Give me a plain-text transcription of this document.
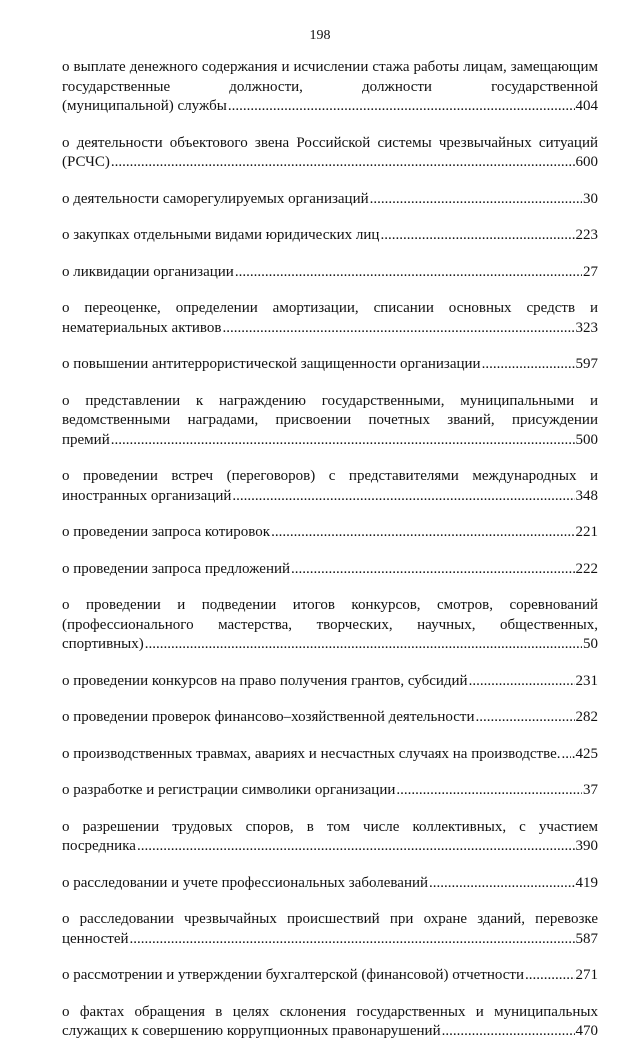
198
о выплате денежного содержания и исчислении стажа работы лицам, замещающим государственные должности, должности государственной
(муниципальной) службы .....	404
о деятельности объектового звена Российской системы чрезвычайных ситуаций
(РСЧС) .....	600
о деятельности саморегулируемых организаций .....	30
о закупках отдельными видами юридических лиц .....	223
о ликвидации организации .....	27
о переоценке, определении амортизации, списании основных средств и
нематериальных активов .....	323
о повышении антитеррористической защищенности организации .....	597
о представлении к награждению государственными, муниципальными и ведомственными наградами, присвоении почетных званий, присуждении
премий .....	500
о проведении встреч (переговоров) с представителями международных и
иностранных организаций .....	348
о проведении запроса котировок .....	221
о проведении запроса предложений .....	222
о проведении и подведении итогов конкурсов, смотров, соревнований (профессионального мастерства, творческих, научных, общественных,
спортивных) .....	50
о проведении конкурсов на право получения грантов, субсидий .....	231
о проведении проверок финансово–хозяйственной деятельности .....	282
о производственных травмах, авариях и несчастных случаях на производстве. ..... .425
о разработке и регистрации символики организации .....	37
о разрешении трудовых споров, в том числе коллективных, с участием
посредника .....	390
о расследовании и учете профессиональных заболеваний .....	419
о расследовании чрезвычайных происшествий при охране зданий, перевозке
ценностей .....	587
о рассмотрении и утверждении бухгалтерской (финансовой) отчетности .....	271
о фактах обращения в целях склонения государственных и муниципальных
служащих к совершению коррупционных правонарушений .....	470
